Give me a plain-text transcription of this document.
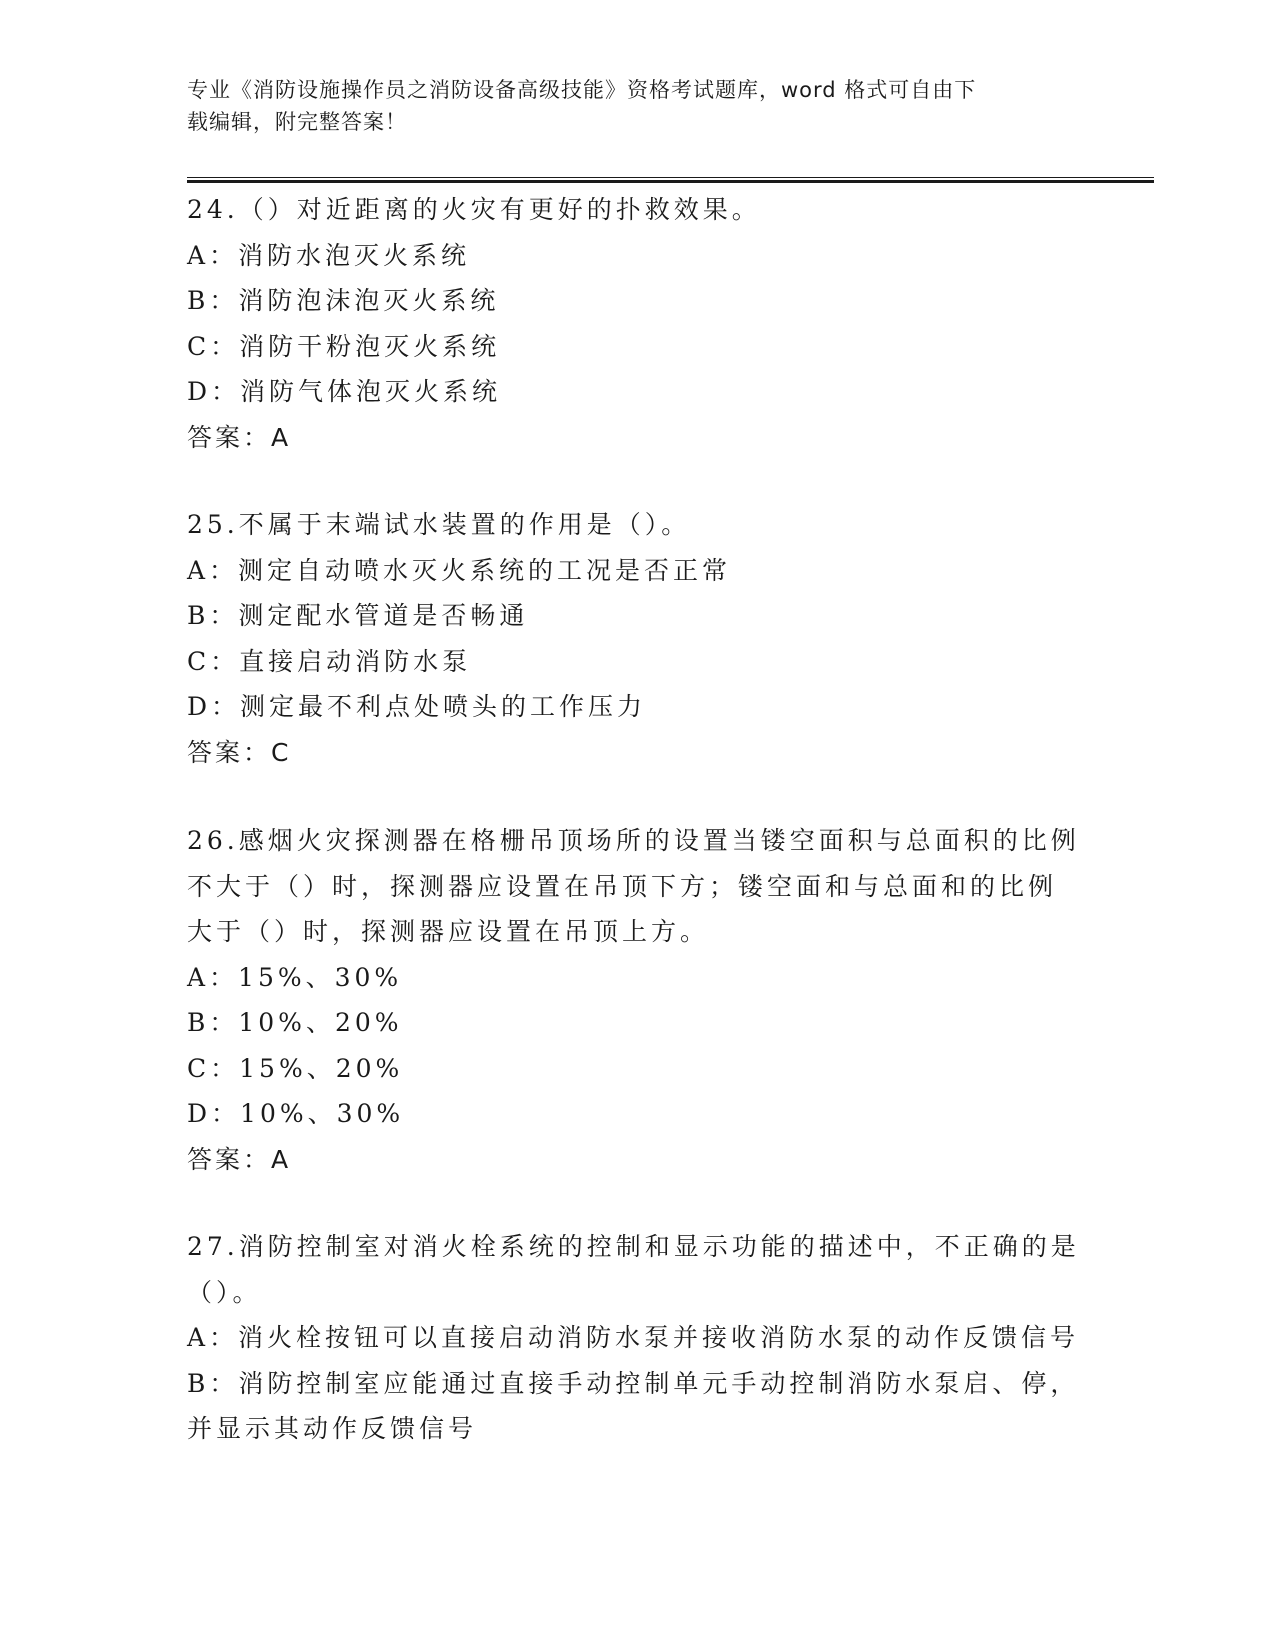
专业《消防设施操作员之消防设备高级技能》资格考试题库，word 格式可自由下
载编辑，附完整答案！
24.（）对近距离的火灾有更好的扑救效果。
A：消防水泡灭火系统
B：消防泡沫泡灭火系统
C：消防干粉泡灭火系统
D：消防气体泡灭火系统
答案：A
25.不属于末端试水装置的作用是（）。
A：测定自动喷水灭火系统的工况是否正常
B：测定配水管道是否畅通
C：直接启动消防水泵
D：测定最不利点处喷头的工作压力
答案：C
26.感烟火灾探测器在格栅吊顶场所的设置当镂空面积与总面积的比例
不大于（）时，探测器应设置在吊顶下方；镂空面和与总面和的比例
大于（）时，探测器应设置在吊顶上方。
A：15%、30%
B：10%、20%
C：15%、20%
D：10%、30%
答案：A
27.消防控制室对消火栓系统的控制和显示功能的描述中，不正确的是
（）。
A：消火栓按钮可以直接启动消防水泵并接收消防水泵的动作反馈信号
B：消防控制室应能通过直接手动控制单元手动控制消防水泵启、停，
并显示其动作反馈信号
